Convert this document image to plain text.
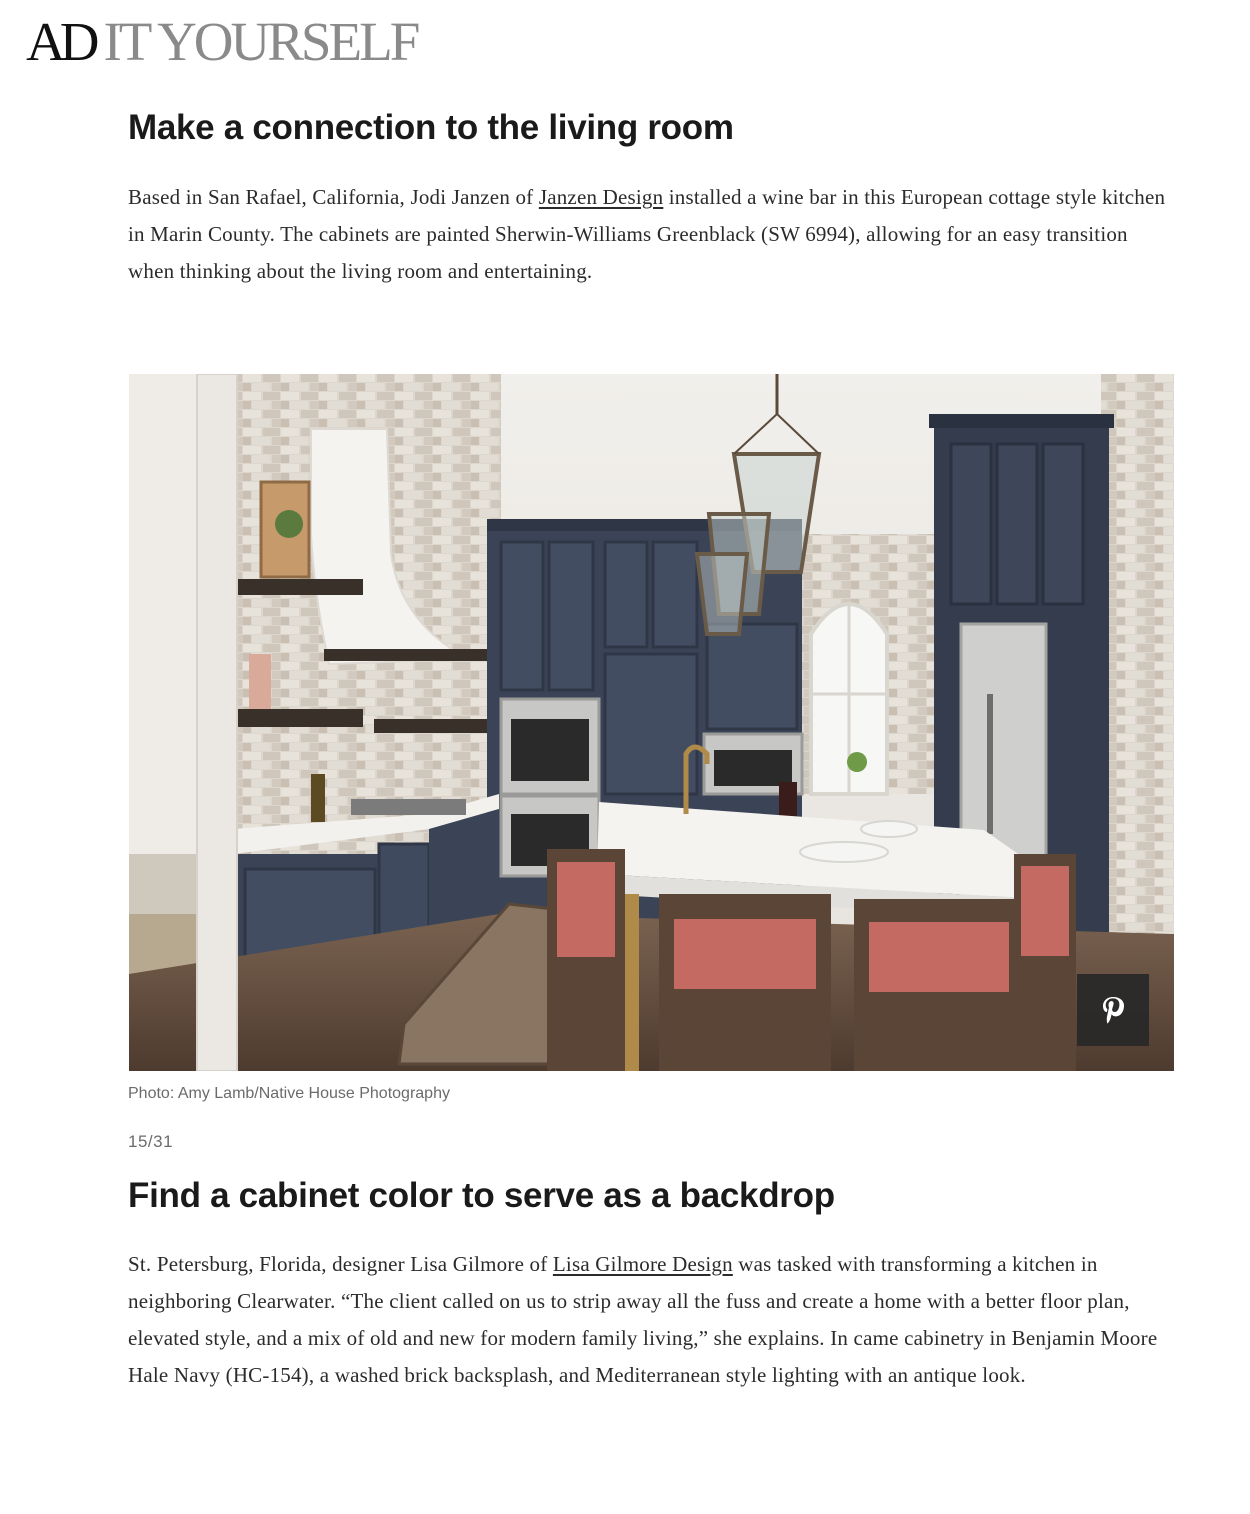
AD IT YOURSELF
Make a connection to the living room

Based in San Rafael, California, Jodi Janzen of Janzen Design installed a wine bar in this European cottage style kitchen in Marin County. The cabinets are painted Sherwin-Williams Greenblack (SW 6994), allowing for an easy transition when thinking about the living room and entertaining.

Photo: Amy Lamb/Native House Photography
15/31
Find a cabinet color to serve as a backdrop

St. Petersburg, Florida, designer Lisa Gilmore of Lisa Gilmore Design was tasked with transforming a kitchen in neighboring Clearwater. “The client called on us to strip away all the fuss and create a home with a better floor plan, elevated style, and a mix of old and new for modern family living,” she explains. In came cabinetry in Benjamin Moore Hale Navy (HC-154), a washed brick backsplash, and Mediterranean style lighting with an antique look.
